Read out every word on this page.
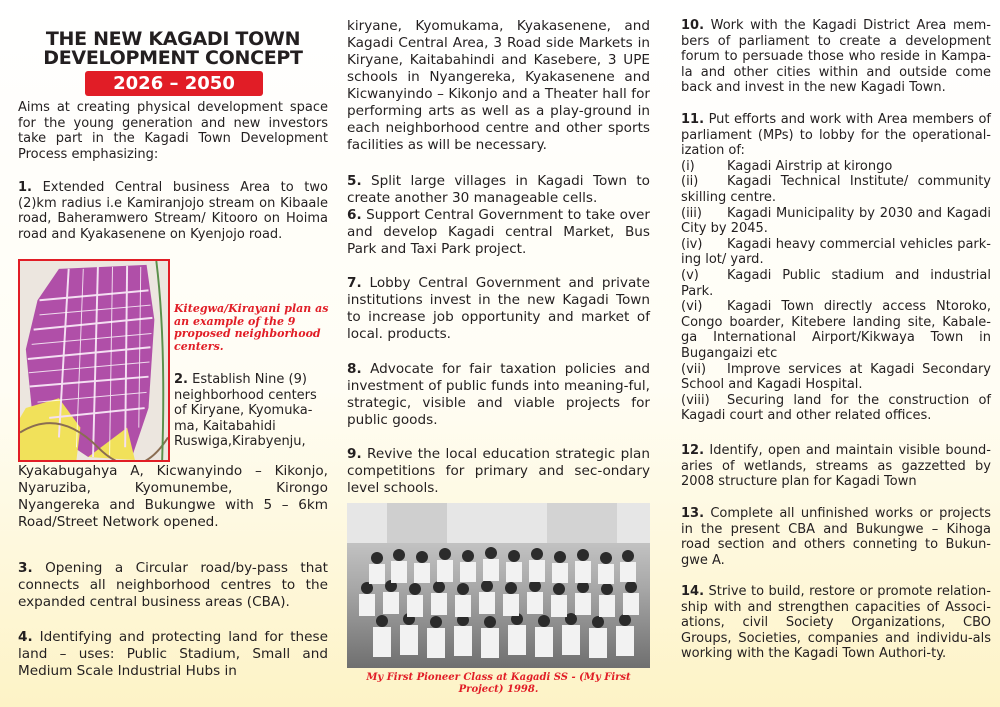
THE NEW KAGADI TOWN
DEVELOPMENT CONCEPT
2026 – 2050
Aims at creating physical development space for the young generation and new investors take part in the Kagadi Town Development Process emphasizing:
1. Extended Central business Area to two (2)km radius i.e Kamiranjojo stream on Kibaale road, Baheramwero Stream/ Kitooro on Hoima road and Kyakasenene on Kyenjojo road.
Kitegwa/Kirayani plan as an example of the 9 proposed neighborhood centers.
2. Establish Nine (9) neighborhood centers of Kiryane, Kyomuka-ma, Kaitabahidi Ruswiga,Kirabyenju,
Kyakabugahya A, Kicwanyindo – Kikonjo, Nyaruziba, Kyomunembe, Kirongo Nyangereka and Bukungwe with 5 – 6km Road/Street Network opened.
3. Opening a Circular road/by-pass that connects all neighborhood centres to the expanded central business areas (CBA).
4. Identifying and protecting land for these land – uses: Public Stadium, Small and Medium Scale Industrial Hubs in
kiryane, Kyomukama, Kyakasenene, and Kagadi Central Area, 3 Road side Markets in Kiryane, Kaitabahindi and Kasebere, 3 UPE schools in Nyangereka, Kyakasenene and Kicwanyindo – Kikonjo and a Theater hall for performing arts as well as a play-ground in each neighborhood centre and other sports facilities as will be necessary.
5. Split large villages in Kagadi Town to create another 30 manageable cells.
6. Support Central Government to take over and develop Kagadi central Market, Bus Park and Taxi Park project.
7. Lobby Central Government and private institutions invest in the new Kagadi Town to increase job opportunity and market of local. products.
8. Advocate for fair taxation policies and investment of public funds into meaning-ful, strategic, visible and viable projects for public goods.
9. Revive the local education strategic plan competitions for primary and sec-ondary level schools.
My First Pioneer Class at Kagadi SS - (My First Project) 1998.
10. Work with the Kagadi District Area mem-bers of parliament to create a development forum to persuade those who reside in Kampa-la and other cities within and outside come back and invest in the new Kagadi Town.
11. Put efforts and work with Area members of parliament (MPs) to lobby for the operational-ization of:
(i) Kagadi Airstrip at kirongo
(ii) Kagadi Technical Institute/ community skilling centre.
(iii) Kagadi Municipality by 2030 and Kagadi City by 2045.
(iv) Kagadi heavy commercial vehicles park-ing lot/ yard.
(v) Kagadi Public stadium and industrial Park.
(vi) Kagadi Town directly access Ntoroko, Congo boarder, Kitebere landing site, Kabale-ga International Airport/Kikwaya Town in Bugangaizi etc
(vii) Improve services at Kagadi Secondary School and Kagadi Hospital.
(viii) Securing land for the construction of Kagadi court and other related offices.
12. Identify, open and maintain visible bound-aries of wetlands, streams as gazzetted by 2008 structure plan for Kagadi Town
13. Complete all unfinished works or projects in the present CBA and Bukungwe – Kihoga road section and others conneting to Bukun-gwe A.
14. Strive to build, restore or promote relation-ship with and strengthen capacities of Associ-ations, civil Society Organizations, CBO Groups, Societies, companies and individu-als working with the Kagadi Town Authori-ty.
